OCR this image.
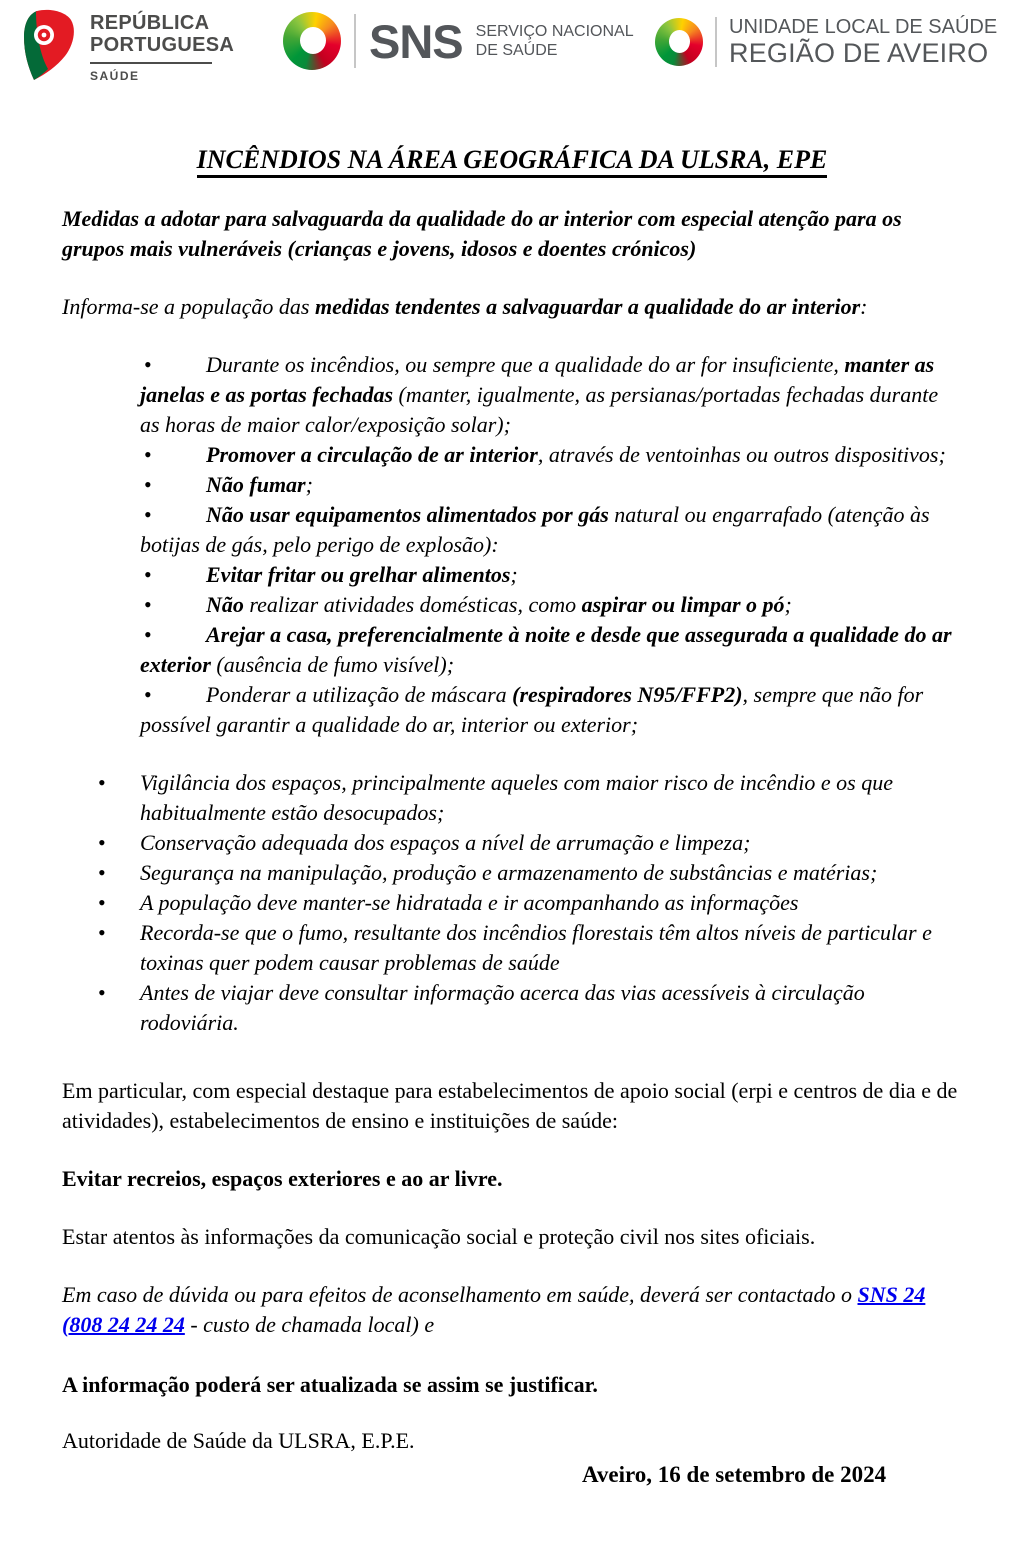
REPÚBLICA
PORTUGUESA
SAÚDE
SNS SERVIÇO NACIONAL
DE SAÚDE
UNIDADE LOCAL DE SAÚDE
REGIÃO DE AVEIRO
INCÊNDIOS NA ÁREA GEOGRÁFICA DA ULSRA, EPE

Medidas a adotar para salvaguarda da qualidade do ar interior com especial atenção para os grupos mais vulneráveis (crianças e jovens, idosos e doentes crónicos)

Informa-se a população das medidas tendentes a salvaguardar a qualidade do ar interior:

• Durante os incêndios, ou sempre que a qualidade do ar for insuficiente, manter as janelas e as portas fechadas (manter, igualmente, as persianas/portadas fechadas durante as horas de maior calor/exposição solar);
• Promover a circulação de ar interior, através de ventoinhas ou outros dispositivos;
• Não fumar;
• Não usar equipamentos alimentados por gás natural ou engarrafado (atenção às botijas de gás, pelo perigo de explosão):
• Evitar fritar ou grelhar alimentos;
• Não realizar atividades domésticas, como aspirar ou limpar o pó;
• Arejar a casa, preferencialmente à noite e desde que assegurada a qualidade do ar exterior (ausência de fumo visível);
• Ponderar a utilização de máscara (respiradores N95/FFP2), sempre que não for possível garantir a qualidade do ar, interior ou exterior;
• Vigilância dos espaços, principalmente aqueles com maior risco de incêndio e os que habitualmente estão desocupados;
• Conservação adequada dos espaços a nível de arrumação e limpeza;
• Segurança na manipulação, produção e armazenamento de substâncias e matérias;
• A população deve manter-se hidratada e ir acompanhando as informações
• Recorda-se que o fumo, resultante dos incêndios florestais têm altos níveis de particular e toxinas quer podem causar problemas de saúde
• Antes de viajar deve consultar informação acerca das vias acessíveis à circulação rodoviária.

Em particular, com especial destaque para estabelecimentos de apoio social (erpi e centros de dia e de atividades), estabelecimentos de ensino e instituições de saúde:

Evitar recreios, espaços exteriores e ao ar livre.

Estar atentos às informações da comunicação social e proteção civil nos sites oficiais.

Em caso de dúvida ou para efeitos de aconselhamento em saúde, deverá ser contactado o SNS 24 (808 24 24 24 - custo de chamada local) e

A informação poderá ser atualizada se assim se justificar.

Autoridade de Saúde da ULSRA, E.P.E.

Aveiro, 16 de setembro de 2024
